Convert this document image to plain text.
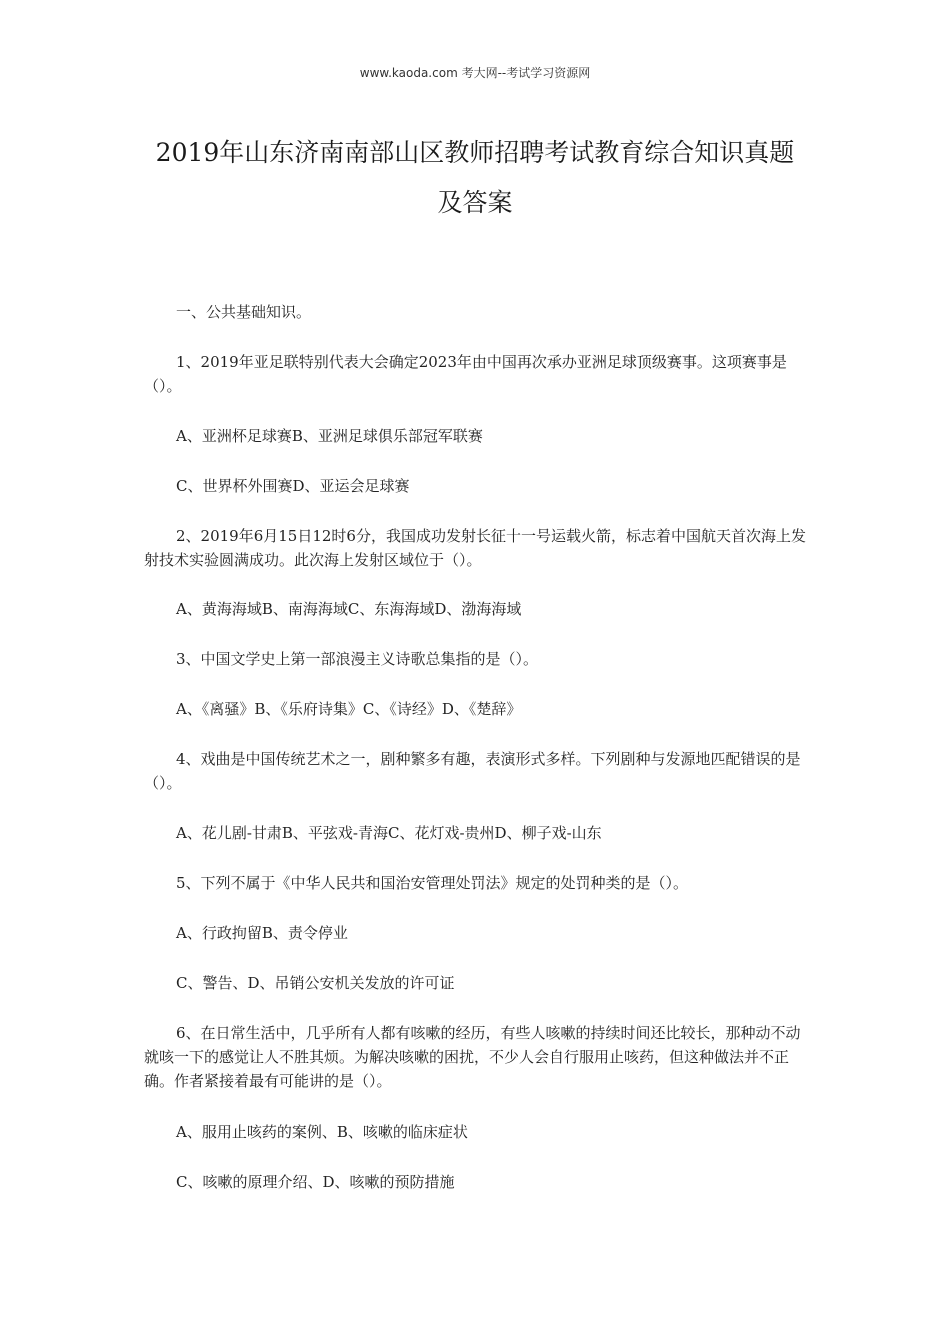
www.kaoda.com 考大网--考试学习资源网
2019年山东济南南部山区教师招聘考试教育综合知识真题
及答案
一、公共基础知识。
1、2019年亚足联特别代表大会确定2023年由中国再次承办亚洲足球顶级赛事。这项赛事是（）。
A、亚洲杯足球赛B、亚洲足球俱乐部冠军联赛
C、世界杯外围赛D、亚运会足球赛
2、2019年6月15日12时6分，我国成功发射长征十一号运载火箭，标志着中国航天首次海上发射技术实验圆满成功。此次海上发射区域位于（）。
A、黄海海域B、南海海域C、东海海域D、渤海海域
3、中国文学史上第一部浪漫主义诗歌总集指的是（）。
A、《离骚》B、《乐府诗集》C、《诗经》D、《楚辞》
4、戏曲是中国传统艺术之一，剧种繁多有趣，表演形式多样。下列剧种与发源地匹配错误的是（）。
A、花儿剧-甘肃B、平弦戏-青海C、花灯戏-贵州D、柳子戏-山东
5、下列不属于《中华人民共和国治安管理处罚法》规定的处罚种类的是（）。
A、行政拘留B、责令停业
C、警告、D、吊销公安机关发放的许可证
6、在日常生活中，几乎所有人都有咳嗽的经历，有些人咳嗽的持续时间还比较长，那种动不动就咳一下的感觉让人不胜其烦。为解决咳嗽的困扰，不少人会自行服用止咳药，但这种做法并不正确。作者紧接着最有可能讲的是（）。
A、服用止咳药的案例、B、咳嗽的临床症状
C、咳嗽的原理介绍、D、咳嗽的预防措施
